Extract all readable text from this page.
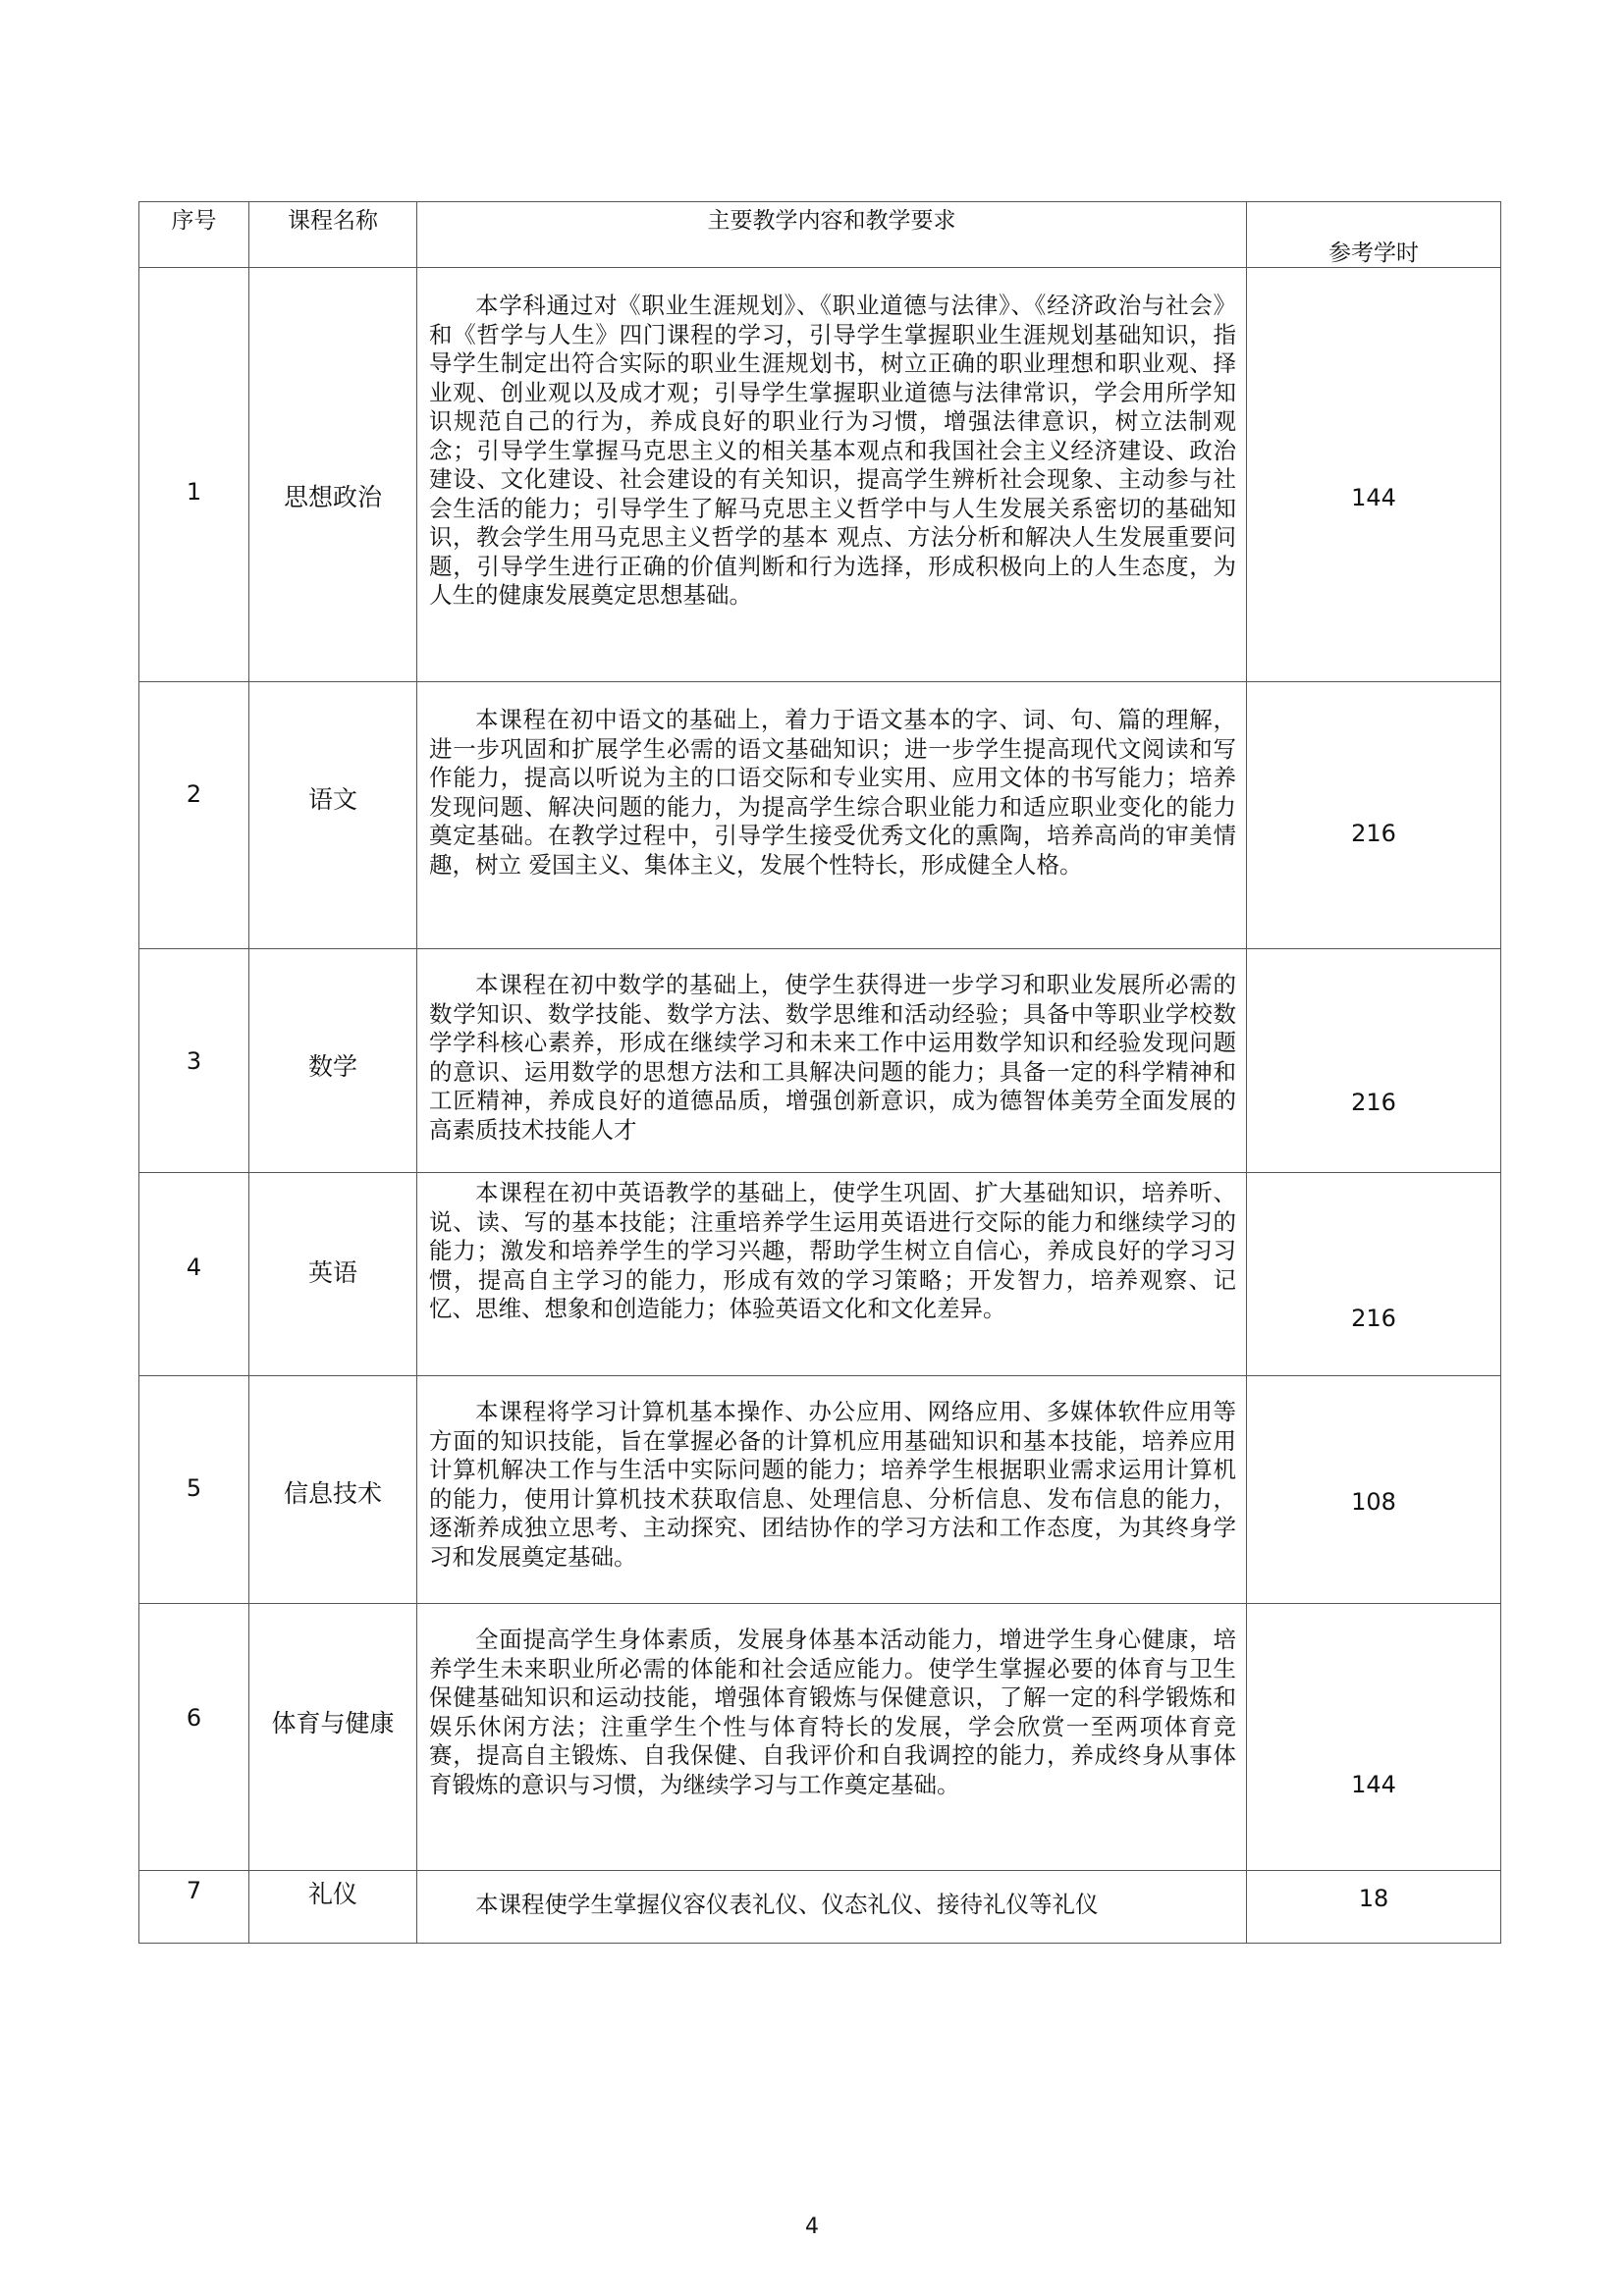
序号	课程名称	主要教学内容和教学要求	参考学时
1	思想政治	本学科通过对《职业生涯规划》、《职业道德与法律》、《经济政治与社会》和《哲学与人生》四门课程的学习，引导学生掌握职业生涯规划基础知识，指导学生制定出符合实际的职业生涯规划书，树立正确的职业理想和职业观、择业观、创业观以及成才观；引导学生掌握职业道德与法律常识，学会用所学知识规范自己的行为，养成良好的职业行为习惯，增强法律意识，树立法制观念；引导学生掌握马克思主义的相关基本观点和我国社会主义经济建设、政治建设、文化建设、社会建设的有关知识，提高学生辨析社会现象、主动参与社会生活的能力；引导学生了解马克思主义哲学中与人生发展关系密切的基础知识，教会学生用马克思主义哲学的基本 观点、方法分析和解决人生发展重要问题，引导学生进行正确的价值判断和行为选择，形成积极向上的人生态度，为人生的健康发展奠定思想基础。	144
2	语文	本课程在初中语文的基础上，着力于语文基本的字、词、句、篇的理解，进一步巩固和扩展学生必需的语文基础知识；进一步学生提高现代文阅读和写作能力，提高以听说为主的口语交际和专业实用、应用文体的书写能力；培养发现问题、解决问题的能力，为提高学生综合职业能力和适应职业变化的能力奠定基础。在教学过程中，引导学生接受优秀文化的熏陶，培养高尚的审美情趣，树立 爱国主义、集体主义，发展个性特长，形成健全人格。	216
3	数学	本课程在初中数学的基础上，使学生获得进一步学习和职业发展所必需的数学知识、数学技能、数学方法、数学思维和活动经验；具备中等职业学校数学学科核心素养，形成在继续学习和未来工作中运用数学知识和经验发现问题的意识、运用数学的思想方法和工具解决问题的能力；具备一定的科学精神和工匠精神，养成良好的道德品质，增强创新意识，成为德智体美劳全面发展的高素质技术技能人才	216
4	英语	本课程在初中英语教学的基础上，使学生巩固、扩大基础知识，培养听、说、读、写的基本技能；注重培养学生运用英语进行交际的能力和继续学习的能力；激发和培养学生的学习兴趣，帮助学生树立自信心，养成良好的学习习惯，提高自主学习的能力，形成有效的学习策略；开发智力，培养观察、记忆、思维、想象和创造能力；体验英语文化和文化差异。	216
5	信息技术	本课程将学习计算机基本操作、办公应用、网络应用、多媒体软件应用等方面的知识技能，旨在掌握必备的计算机应用基础知识和基本技能，培养应用计算机解决工作与生活中实际问题的能力；培养学生根据职业需求运用计算机的能力，使用计算机技术获取信息、处理信息、分析信息、发布信息的能力，逐渐养成独立思考、主动探究、团结协作的学习方法和工作态度，为其终身学习和发展奠定基础。	108
6	体育与健康	全面提高学生身体素质，发展身体基本活动能力，增进学生身心健康，培养学生未来职业所必需的体能和社会适应能力。使学生掌握必要的体育与卫生保健基础知识和运动技能，增强体育锻炼与保健意识，了解一定的科学锻炼和娱乐休闲方法；注重学生个性与体育特长的发展，学会欣赏一至两项体育竞赛，提高自主锻炼、自我保健、自我评价和自我调控的能力，养成终身从事体育锻炼的意识与习惯，为继续学习与工作奠定基础。	144
7	礼仪	本课程使学生掌握仪容仪表礼仪、仪态礼仪、接待礼仪等礼仪	18
4
